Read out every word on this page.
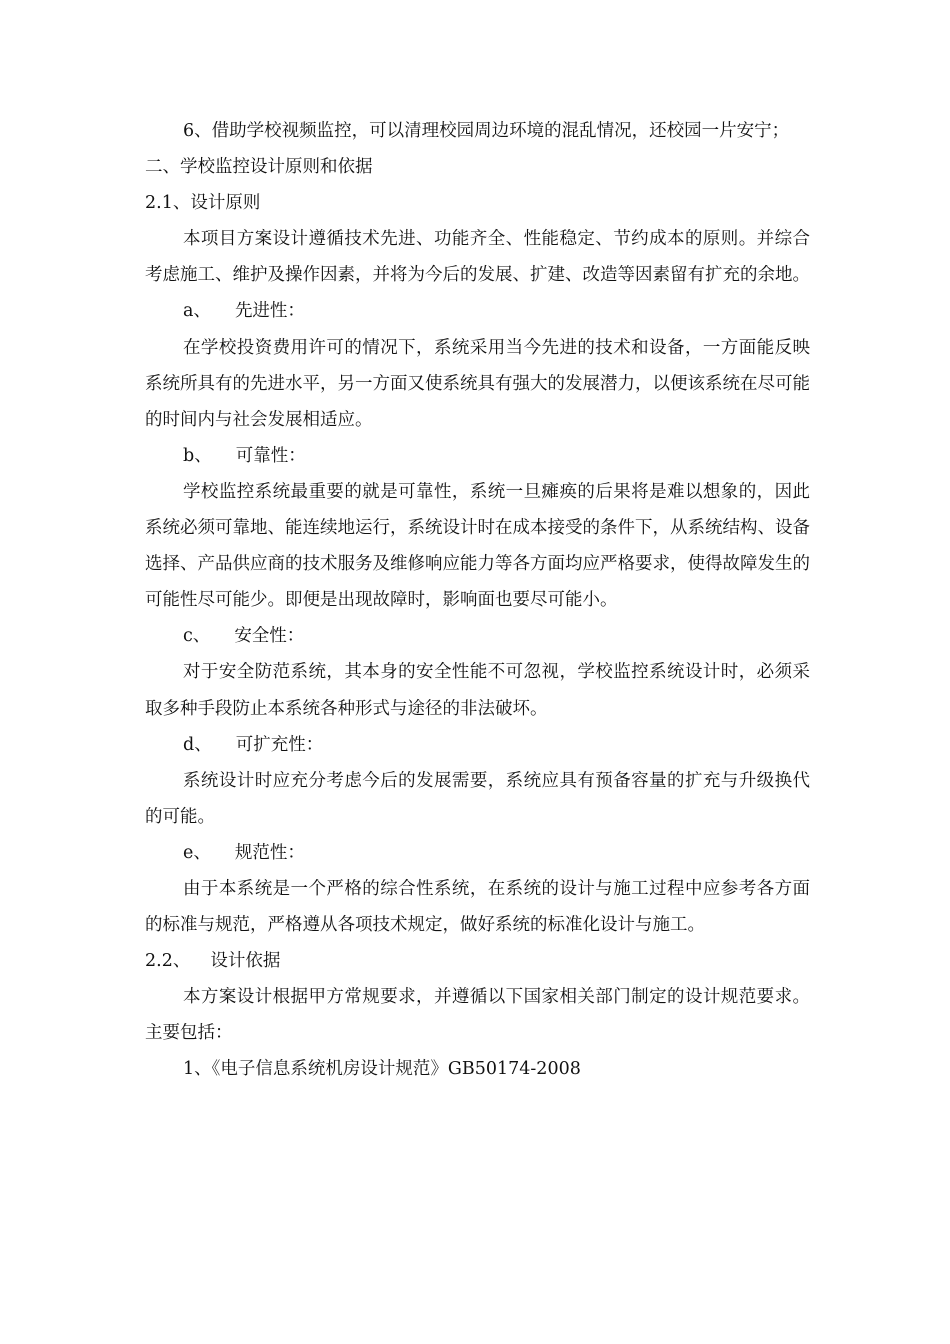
6、借助学校视频监控，可以清理校园周边环境的混乱情况，还校园一片安宁；

二、学校监控设计原则和依据

2.1、设计原则

本项目方案设计遵循技术先进、功能齐全、性能稳定、节约成本的原则。并综合考虑施工、维护及操作因素，并将为今后的发展、扩建、改造等因素留有扩充的余地。

a、 先进性：

在学校投资费用许可的情况下，系统采用当今先进的技术和设备，一方面能反映系统所具有的先进水平，另一方面又使系统具有强大的发展潜力，以便该系统在尽可能的时间内与社会发展相适应。

b、 可靠性：

学校监控系统最重要的就是可靠性，系统一旦瘫痪的后果将是难以想象的，因此系统必须可靠地、能连续地运行，系统设计时在成本接受的条件下，从系统结构、设备选择、产品供应商的技术服务及维修响应能力等各方面均应严格要求，使得故障发生的可能性尽可能少。即便是出现故障时，影响面也要尽可能小。

c、 安全性：

对于安全防范系统，其本身的安全性能不可忽视，学校监控系统设计时，必须采取多种手段防止本系统各种形式与途径的非法破坏。

d、 可扩充性：

系统设计时应充分考虑今后的发展需要，系统应具有预备容量的扩充与升级换代的可能。

e、 规范性：

由于本系统是一个严格的综合性系统，在系统的设计与施工过程中应参考各方面的标准与规范，严格遵从各项技术规定，做好系统的标准化设计与施工。

2.2、 设计依据

本方案设计根据甲方常规要求，并遵循以下国家相关部门制定的设计规范要求。主要包括：

1、《电子信息系统机房设计规范》GB50174-2008
